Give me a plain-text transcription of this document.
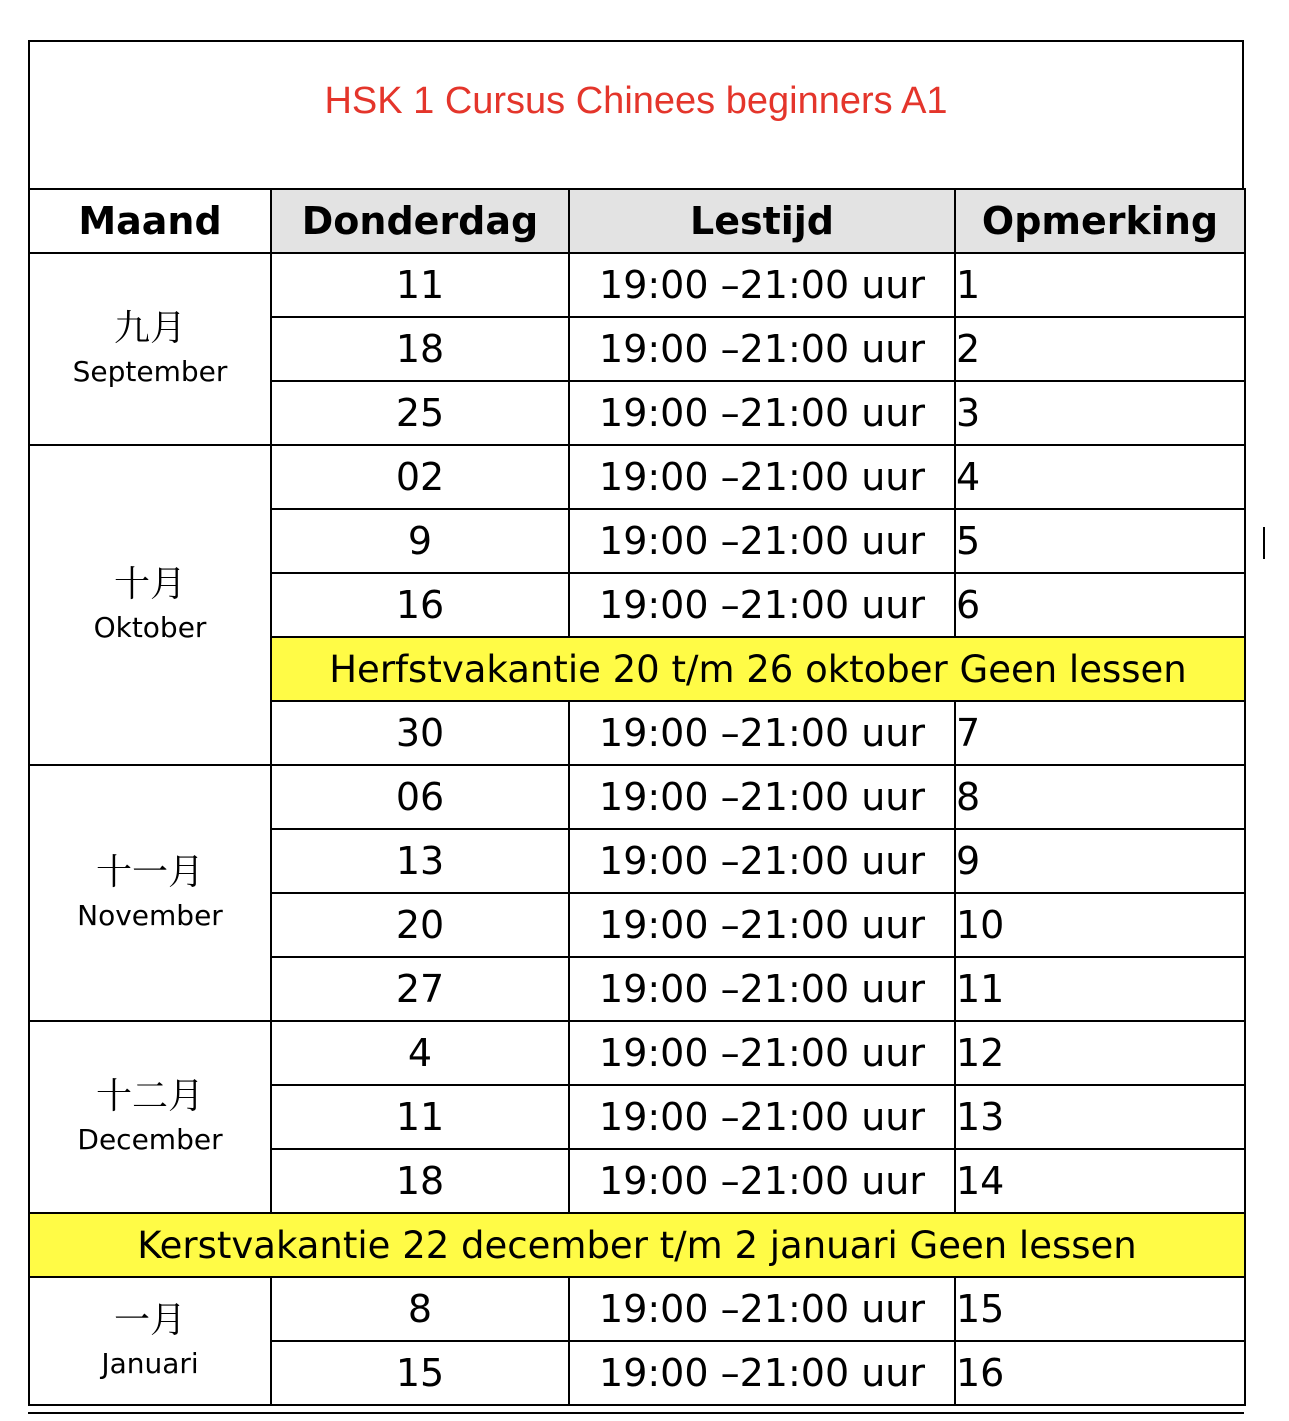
HSK 1 Cursus Chinees beginners A1
Maand	Donderdag	Lestijd	Opmerking

九月
September	11	19:00 –21:00 uur	1
	18	19:00 –21:00 uur	2
	25	19:00 –21:00 uur	3

十月
Oktober	02	19:00 –21:00 uur	4
	9	19:00 –21:00 uur	5
	16	19:00 –21:00 uur	6
	Herfstvakantie 20 t/m 26 oktober Geen lessen		
	30	19:00 –21:00 uur	7

十一月
November	06	19:00 –21:00 uur	8
	13	19:00 –21:00 uur	9
	20	19:00 –21:00 uur	10
	27	19:00 –21:00 uur	11

十二月
December	4	19:00 –21:00 uur	12
	11	19:00 –21:00 uur	13
	18	19:00 –21:00 uur	14
Kerstvakantie 22 december t/m 2 januari Geen lessen			

一月
Januari	8	19:00 –21:00 uur	15
	15	19:00 –21:00 uur	16
